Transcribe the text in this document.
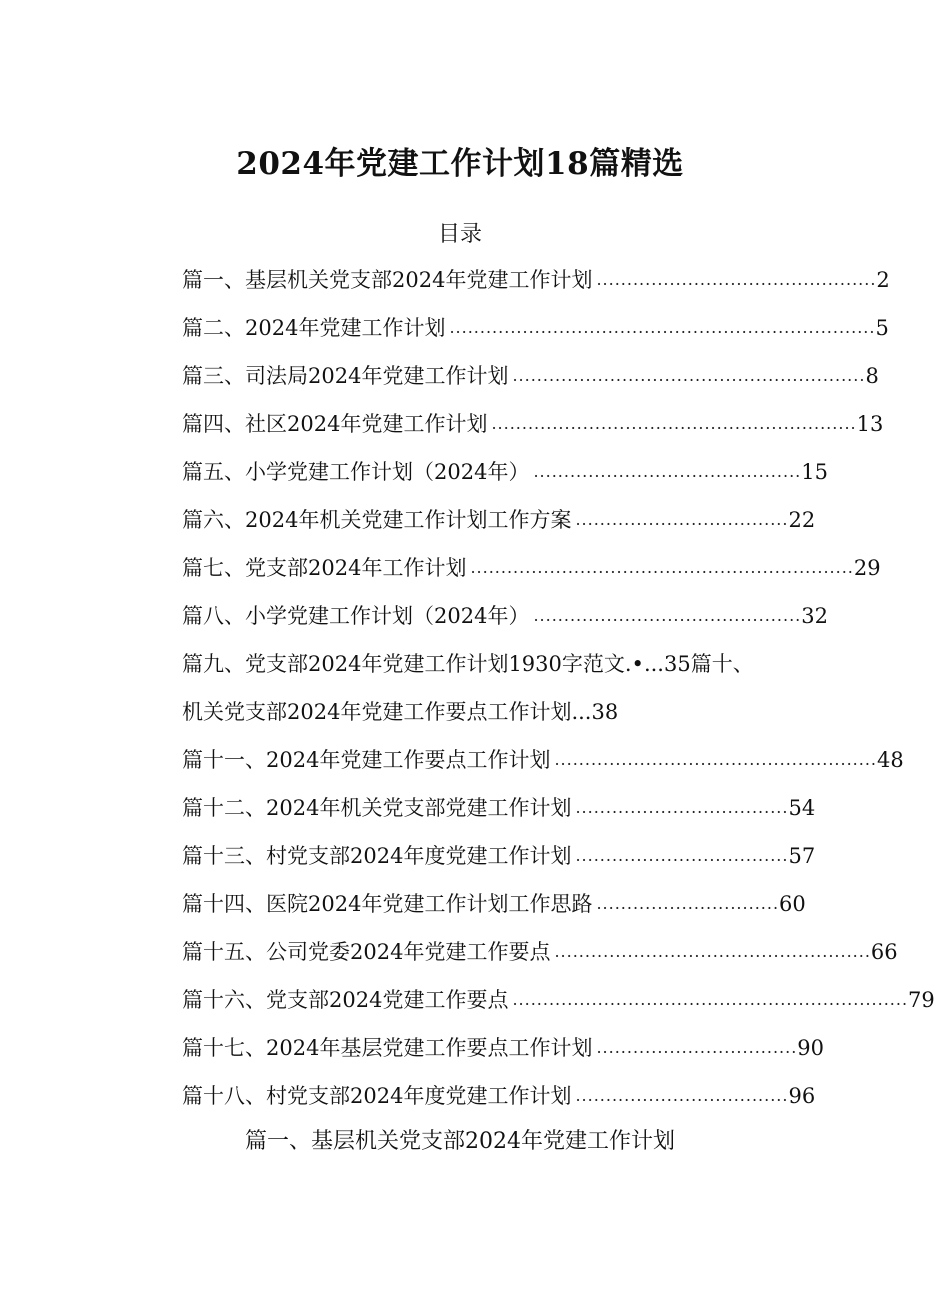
2024年党建工作计划18篇精选
目录
篇一、基层机关党支部2024年党建工作计划 .............................................. 2
篇二、2024年党建工作计划 ...................................................................... 5
篇三、司法局2024年党建工作计划 .......................................................... 8
篇四、社区2024年党建工作计划 ............................................................ 13
篇五、小学党建工作计划（2024年） ............................................ 15
篇六、2024年机关党建工作计划工作方案 ................................... 22
篇七、党支部2024年工作计划 ............................................................... 29
篇八、小学党建工作计划（2024年） ............................................ 32
篇九、党支部2024年党建工作计划1930字范文.•...35篇十、
机关党支部2024年党建工作要点工作计划...38
篇十一、2024年党建工作要点工作计划 ..................................................... 48
篇十二、2024年机关党支部党建工作计划 ................................... 54
篇十三、村党支部2024年度党建工作计划 ................................... 57
篇十四、医院2024年党建工作计划工作思路 .............................. 60
篇十五、公司党委2024年党建工作要点 .................................................... 66
篇十六、党支部2024党建工作要点 ................................................................. 79
篇十七、2024年基层党建工作要点工作计划 ................................. 90
篇十八、村党支部2024年度党建工作计划 ................................... 96
篇一、基层机关党支部2024年党建工作计划
